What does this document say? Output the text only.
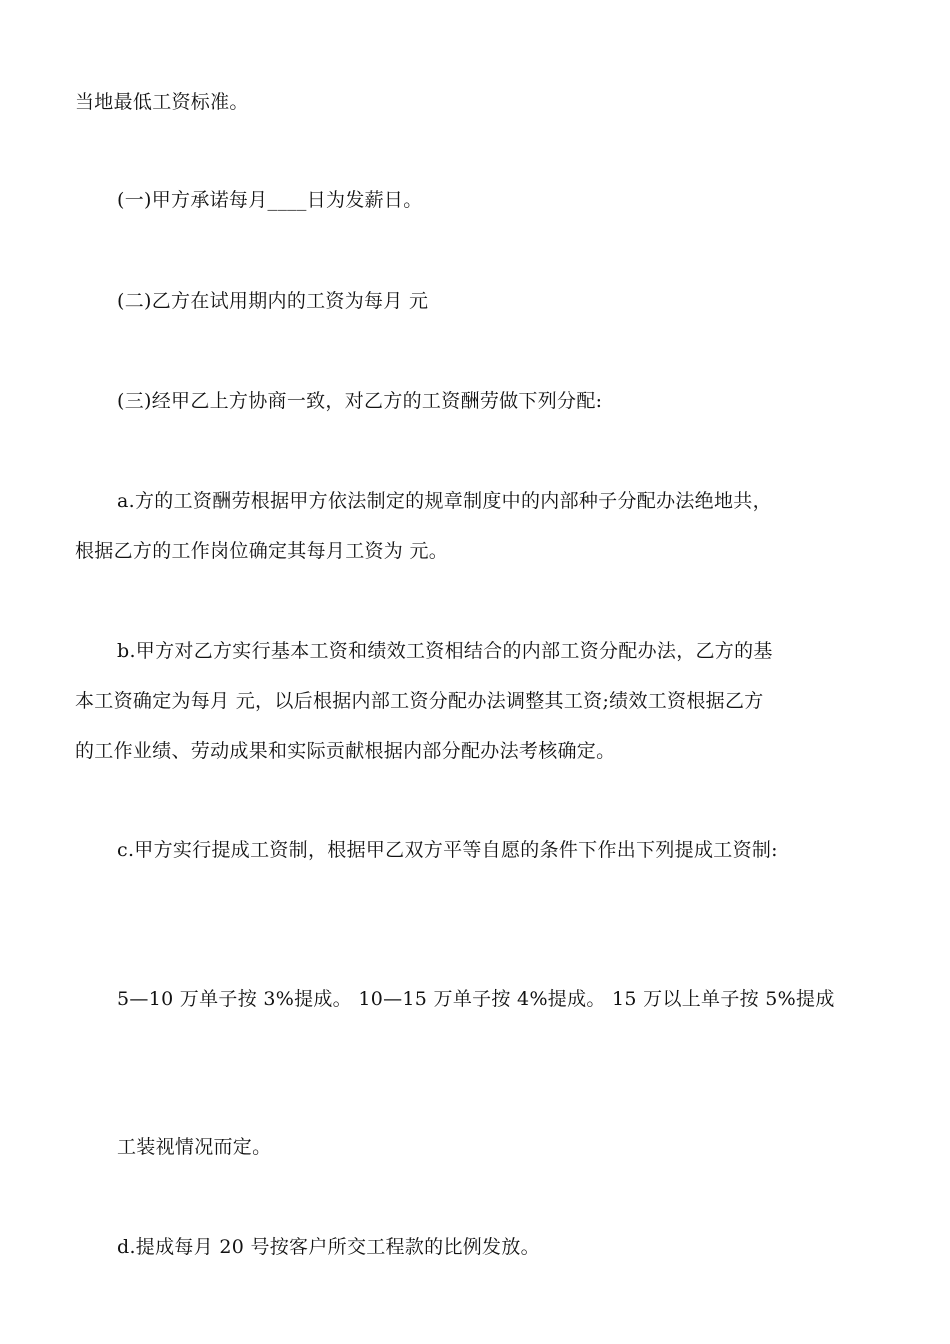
当地最低工资标准。
(一)甲方承诺每月____日为发薪日。
(二)乙方在试用期内的工资为每月 元
(三)经甲乙上方协商一致，对乙方的工资酬劳做下列分配:
a.方的工资酬劳根据甲方依法制定的规章制度中的内部种子分配办法绝地共，
根据乙方的工作岗位确定其每月工资为 元。
b.甲方对乙方实行基本工资和绩效工资相结合的内部工资分配办法，乙方的基
本工资确定为每月 元，以后根据内部工资分配办法调整其工资;绩效工资根据乙方
的工作业绩、劳动成果和实际贡献根据内部分配办法考核确定。
c.甲方实行提成工资制，根据甲乙双方平等自愿的条件下作出下列提成工资制:
5—10 万单子按 3%提成。 10—15 万单子按 4%提成。 15 万以上单子按 5%提成
工装视情况而定。
d.提成每月 20 号按客户所交工程款的比例发放。
